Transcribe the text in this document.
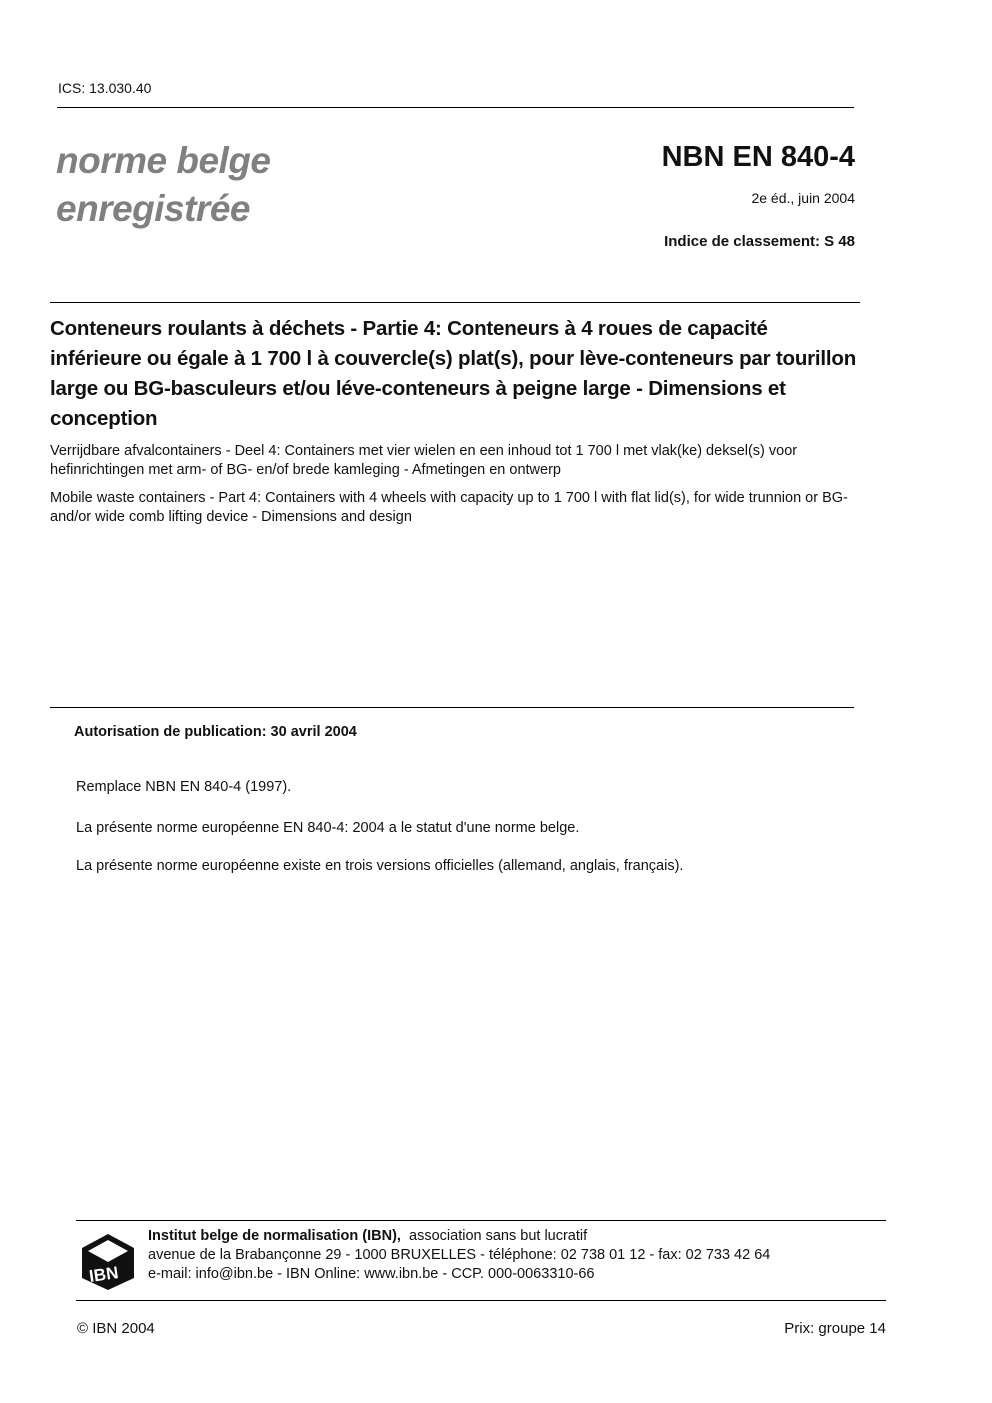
ICS: 13.030.40
norme belge
enregistrée
NBN EN 840-4
2e éd., juin 2004
Indice de classement: S 48
Conteneurs roulants à déchets - Partie 4: Conteneurs à 4 roues de capacité inférieure ou égale à 1 700 l à couvercle(s) plat(s), pour lève-conteneurs par tourillon large ou BG-basculeurs et/ou léve-conteneurs à peigne large - Dimensions et conception
Verrijdbare afvalcontainers - Deel 4: Containers met vier wielen en een inhoud tot 1 700 l met vlak(ke) deksel(s) voor hefinrichtingen met arm- of BG- en/of brede kamleging - Afmetingen en ontwerp
Mobile waste containers - Part 4: Containers with 4 wheels with capacity up to 1 700 l with flat lid(s), for wide trunnion or BG- and/or wide comb lifting device - Dimensions and design
Autorisation de publication: 30 avril 2004
Remplace NBN EN 840-4 (1997).
La présente norme européenne EN 840-4: 2004 a le statut d'une norme belge.
La présente norme européenne existe en trois versions officielles (allemand, anglais, français).
IBN
Institut belge de normalisation (IBN), association sans but lucratif
avenue de la Brabançonne 29 - 1000 BRUXELLES - téléphone: 02 738 01 12 - fax: 02 733 42 64
e-mail: info@ibn.be - IBN Online: www.ibn.be - CCP. 000-0063310-66
© IBN 2004	Prix: groupe 14
